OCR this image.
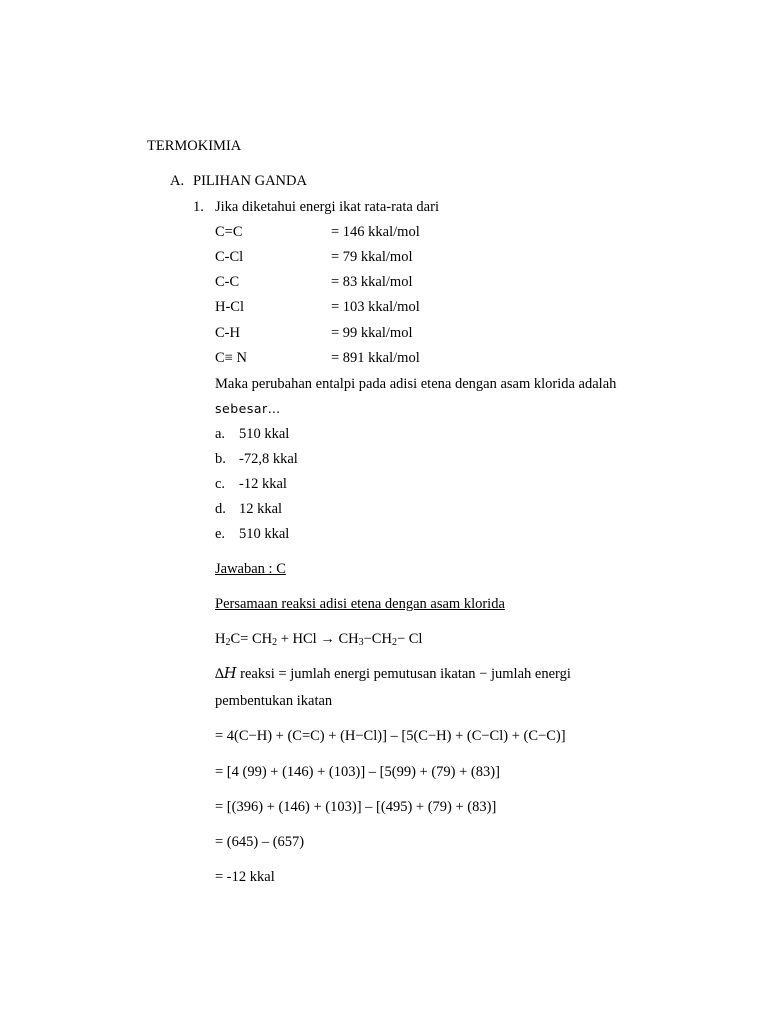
TERMOKIMIA
A. PILIHAN GANDA
1. Jika diketahui energi ikat rata-rata dari
C=C	= 146 kkal/mol
C-Cl	= 79 kkal/mol
C-C	= 83 kkal/mol
H-Cl	= 103 kkal/mol
C-H	= 99 kkal/mol
C≡ N	= 891 kkal/mol
Maka perubahan entalpi pada adisi etena dengan asam klorida adalah
sebesar…
a. 510 kkal
b. -72,8 kkal
c. -12 kkal
d. 12 kkal
e. 510 kkal
Jawaban : C
Persamaan reaksi adisi etena dengan asam klorida
$H_2C= CH_2$ + HCl → $CH_3-CH_2- Cl$
∆𝐻 reaksi = jumlah energi pemutusan ikatan − jumlah energi
pembentukan ikatan
= 4(C−H) + (C=C) + (H−Cl)] – [5(C−H) + (C−Cl) + (C−C)]
= [4 (99) + (146) + (103)] – [5(99) + (79) + (83)]
= [(396) + (146) + (103)] – [(495) + (79) + (83)]
= (645) – (657)
= -12 kkal
